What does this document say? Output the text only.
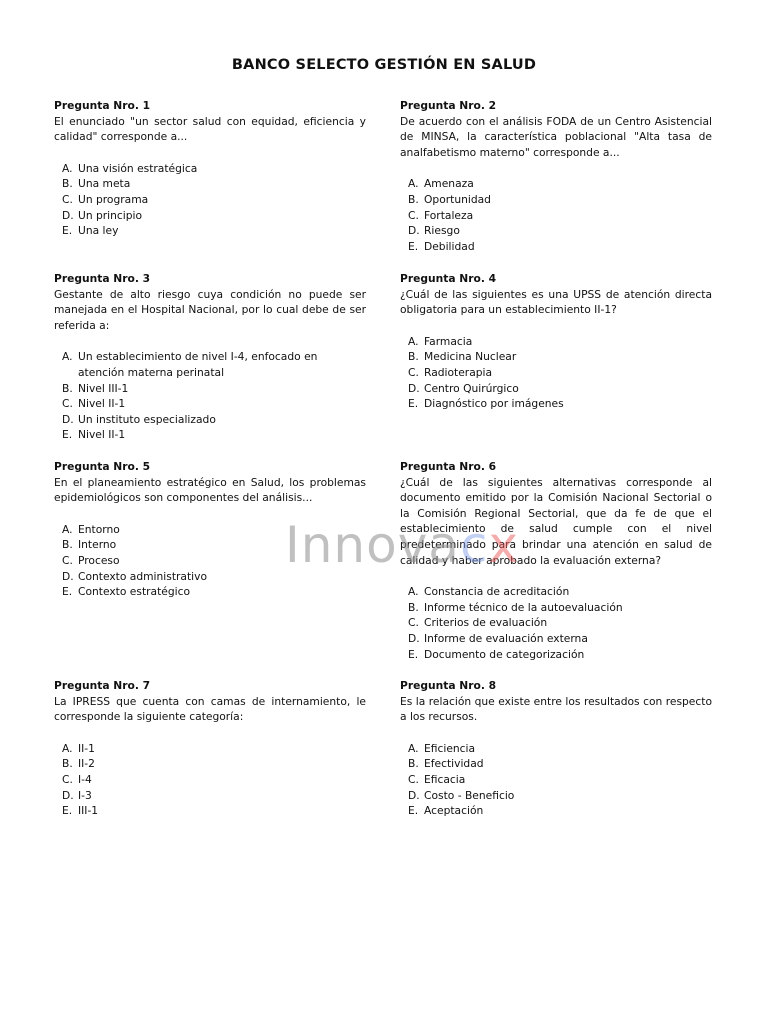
BANCO SELECTO GESTIÓN EN SALUD
Pregunta Nro. 1
El enunciado "un sector salud con equidad, eficiencia y calidad" corresponde a...
A. Una visión estratégica
B. Una meta
C. Un programa
D. Un principio
E. Una ley
Pregunta Nro. 2
De acuerdo con el análisis FODA de un Centro Asistencial de MINSA, la característica poblacional "Alta tasa de analfabetismo materno" corresponde a...
A. Amenaza
B. Oportunidad
C. Fortaleza
D. Riesgo
E. Debilidad
Pregunta Nro. 3
Gestante de alto riesgo cuya condición no puede ser manejada en el Hospital Nacional, por lo cual debe de ser referida a:
A. Un establecimiento de nivel I-4, enfocado en atención materna perinatal
B. Nivel III-1
C. Nivel II-1
D. Un instituto especializado
E. Nivel II-1
Pregunta Nro. 4
¿Cuál de las siguientes es una UPSS de atención directa obligatoria para un establecimiento II-1?
A. Farmacia
B. Medicina Nuclear
C. Radioterapia
D. Centro Quirúrgico
E. Diagnóstico por imágenes
Pregunta Nro. 5
En el planeamiento estratégico en Salud, los problemas epidemiológicos son componentes del análisis...
A. Entorno
B. Interno
C. Proceso
D. Contexto administrativo
E. Contexto estratégico
Pregunta Nro. 6
¿Cuál de las siguientes alternativas corresponde al documento emitido por la Comisión Nacional Sectorial o la Comisión Regional Sectorial, que da fe de que el establecimiento de salud cumple con el nivel predeterminado para brindar una atención en salud de calidad y haber aprobado la evaluación externa?
A. Constancia de acreditación
B. Informe técnico de la autoevaluación
C. Criterios de evaluación
D. Informe de evaluación externa
E. Documento de categorización
Pregunta Nro. 7
La IPRESS que cuenta con camas de internamiento, le corresponde la siguiente categoría:
A. II-1
B. II-2
C. I-4
D. I-3
E. III-1
Pregunta Nro. 8
Es la relación que existe entre los resultados con respecto a los recursos.
A. Eficiencia
B. Efectividad
C. Eficacia
D. Costo - Beneficio
E. Aceptación
Innovacx
